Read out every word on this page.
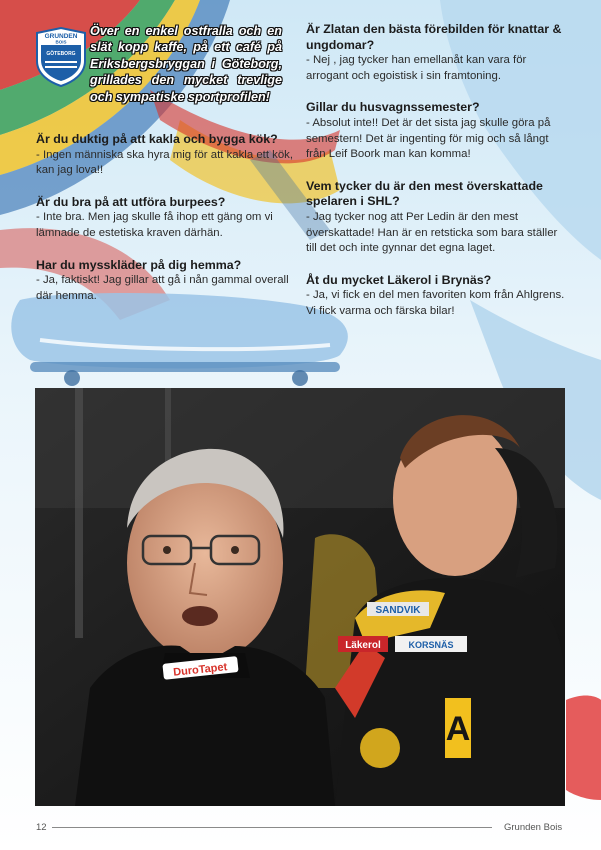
GRUNDEN
BOIS
GÖTEBORG
Över en enkel ostfralla och en slät kopp kaffe, på ett café på Eriksbergsbryggan i Göteborg, grillades den mycket trevlige och sympatiske sportprofilen!
Är du duktig på att kakla och bygga kök?
- Ingen människa ska hyra mig för att kakla ett kök, kan jag lova!!
Är du bra på att utföra burpees?
- Inte bra. Men jag skulle få ihop ett gäng om vi lämnade de estetiska kraven därhän.
Har du mysskläder på dig hemma?
- Ja, faktiskt! Jag gillar att gå i nån gammal overall där hemma.
Är Zlatan den bästa förebilden för knattar & ungdomar?
- Nej , jag tycker han emellanåt kan vara för arrogant och egoistisk i sin framtoning.
Gillar du husvagnssemester?
- Absolut inte!! Det är det sista jag skulle göra på semestern! Det är ingenting för mig och så långt från Leif Boork man kan komma!
Vem tycker du är den mest överskattade spelaren i SHL?
- Jag tycker nog att Per Ledin är den mest överskattade! Han är en retsticka som bara ställer till det och inte gynnar det egna laget.
Åt du mycket Läkerol i Brynäs?
- Ja, vi fick en del men favoriten kom från Ahlgrens. Vi fick varma och färska bilar!
SANDVIK
Läkerol	KORSNÄS
A
DuroTapet
12	Grunden Bois
